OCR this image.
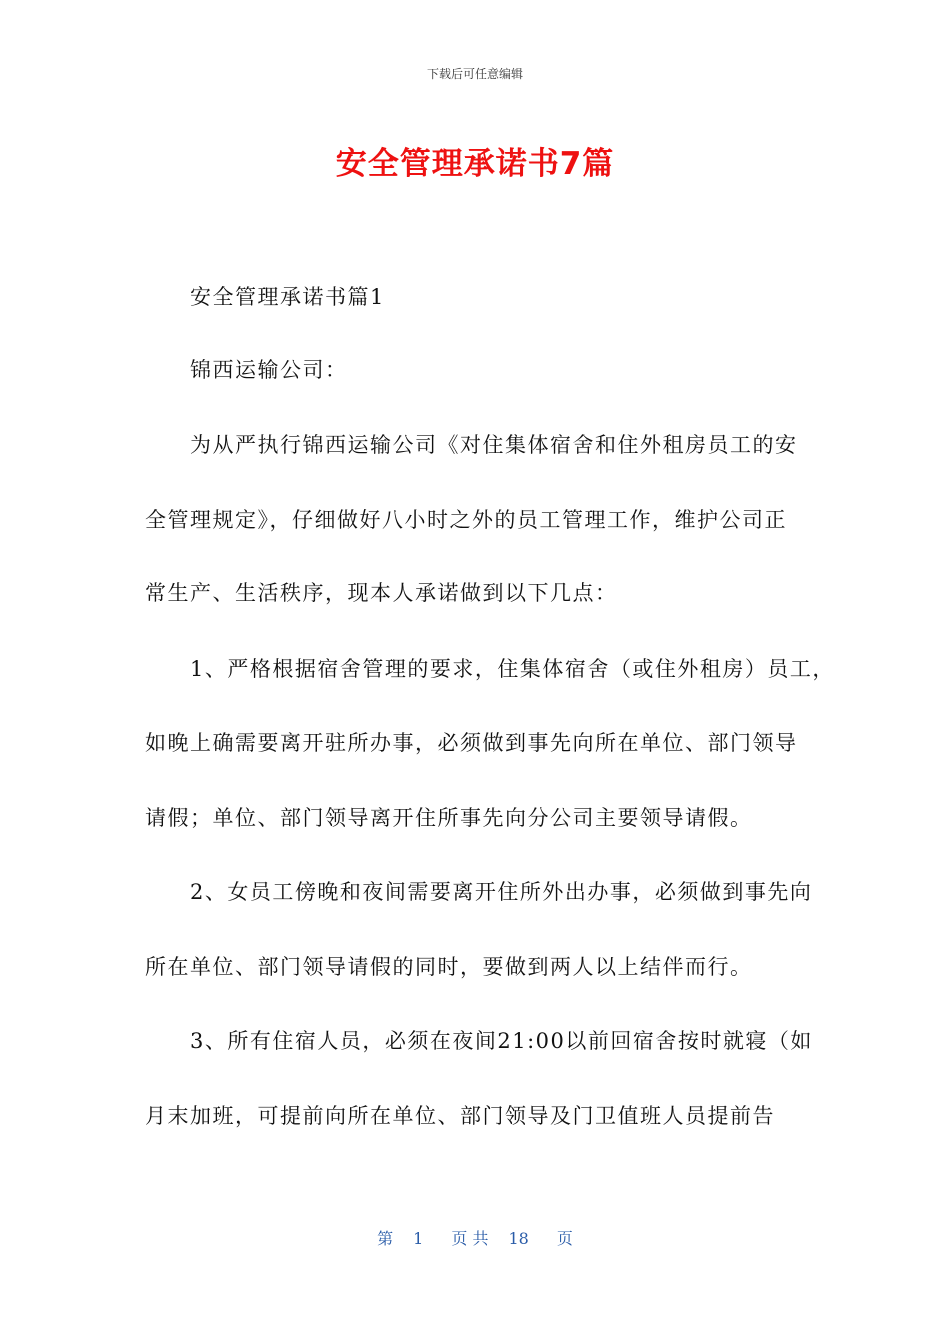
下载后可任意编辑
安全管理承诺书7篇
安全管理承诺书篇1
锦西运输公司：
为从严执行锦西运输公司《对住集体宿舍和住外租房员工的安
全管理规定》，仔细做好八小时之外的员工管理工作，维护公司正
常生产、生活秩序，现本人承诺做到以下几点：
1、严格根据宿舍管理的要求，住集体宿舍（或住外租房）员工，
如晚上确需要离开驻所办事，必须做到事先向所在单位、部门领导
请假；单位、部门领导离开住所事先向分公司主要领导请假。
2、女员工傍晚和夜间需要离开住所外出办事，必须做到事先向
所在单位、部门领导请假的同时，要做到两人以上结伴而行。
3、所有住宿人员，必须在夜间21:00以前回宿舍按时就寝（如
月末加班，可提前向所在单位、部门领导及门卫值班人员提前告
第 1 页 共 18 页
